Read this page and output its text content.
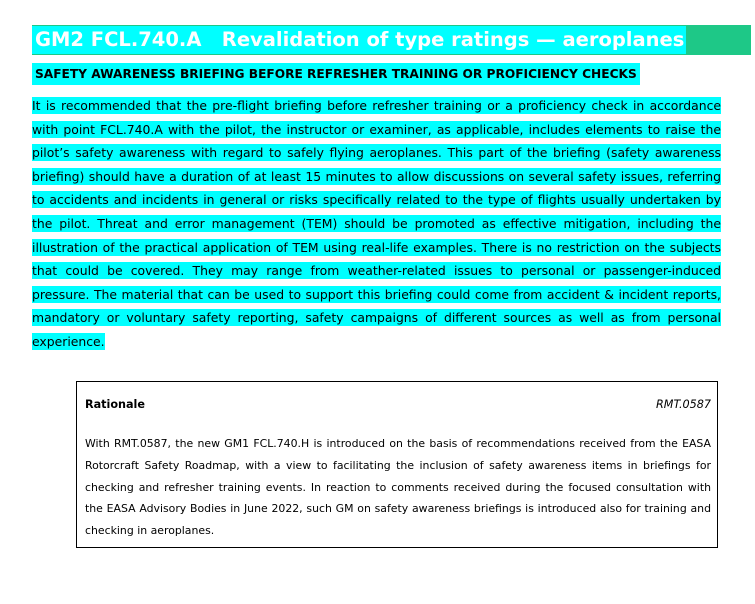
GM2 FCL.740.A   Revalidation of type ratings — aeroplanes
SAFETY AWARENESS BRIEFING BEFORE REFRESHER TRAINING OR PROFICIENCY CHECKS
It is recommended that the pre-flight briefing before refresher training or a proficiency check in accordance with point FCL.740.A with the pilot, the instructor or examiner, as applicable, includes elements to raise the pilot’s safety awareness with regard to safely flying aeroplanes. This part of the briefing (safety awareness briefing) should have a duration of at least 15 minutes to allow discussions on several safety issues, referring to accidents and incidents in general or risks specifically related to the type of flights usually undertaken by the pilot. Threat and error management (TEM) should be promoted as effective mitigation, including the illustration of the practical application of TEM using real-life examples. There is no restriction on the subjects that could be covered. They may range from weather-related issues to personal or passenger-induced pressure. The material that can be used to support this briefing could come from accident & incident reports, mandatory or voluntary safety reporting, safety campaigns of different sources as well as from personal experience.
Rationale	RMT.0587
With RMT.0587, the new GM1 FCL.740.H is introduced on the basis of recommendations received from the EASA Rotorcraft Safety Roadmap, with a view to facilitating the inclusion of safety awareness items in briefings for checking and refresher training events. In reaction to comments received during the focused consultation with the EASA Advisory Bodies in June 2022, such GM on safety awareness briefings is introduced also for training and checking in aeroplanes.
